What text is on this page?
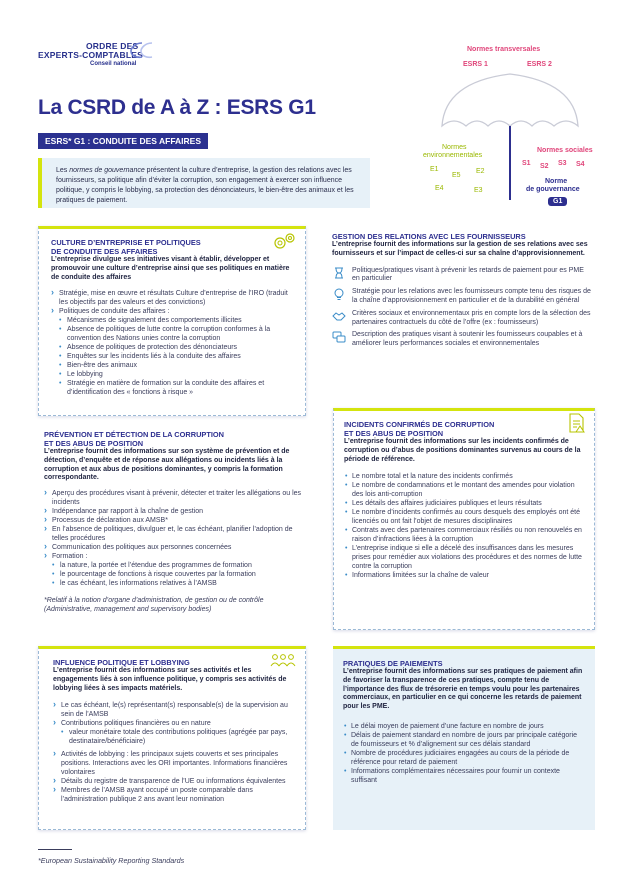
ORDRE DES
EXPERTS-COMPTABLES
Conseil national
La CSRD de A à Z : ESRS G1
ESRS* G1 : CONDUITE DES AFFAIRES
Les normes de gouvernance présentent la culture d’entreprise, la gestion des relations avec les fournisseurs, sa politique afin d’éviter la corruption, son engagement à exercer son influence politique, y compris le lobbying, sa protection des dénonciateurs, le bien-être des animaux et les pratiques de paiement.
Normes transversales
ESRS 1	ESRS 2
Normes
environnementales
E1	E2
E3
E4
E5
Normes sociales
S1 S2 S3 S4
Norme
de gouvernance
G1
CULTURE D’ENTREPRISE ET POLITIQUES
DE CONDUITE DES AFFAIRES

L’entreprise divulgue ses initiatives visant à établir, développer et promouvoir une culture d’entreprise ainsi que ses politiques en matière de conduite des affaires

› Stratégie, mise en œuvre et résultats Culture d’entreprise de l’IRO (traduit les objectifs par des valeurs et des convictions)
› Politiques de conduite des affaires :
• Mécanismes de signalement des comportements illicites
• Absence de politiques de lutte contre la corruption conformes à la convention des Nations unies contre la corruption
• Absence de politiques de protection des dénonciateurs
• Enquêtes sur les incidents liés à la conduite des affaires
• Bien-être des animaux
• Le lobbying
• Stratégie en matière de formation sur la conduite des affaires et d’identification des « fonctions à risque »
PRÉVENTION ET DÉTECTION DE LA CORRUPTION
ET DES ABUS DE POSITION

L’entreprise fournit des informations sur son système de prévention et de détection, d’enquête et de réponse aux allégations ou incidents liés à la corruption et aux abus de positions dominantes, y compris la formation correspondante.

› Aperçu des procédures visant à prévenir, détecter et traiter les allégations ou les incidents
› Indépendance par rapport à la chaîne de gestion
› Processus de déclaration aux AMSB*
› En l’absence de politiques, divulguer et, le cas échéant, planifier l’adoption de telles procédures
› Communication des politiques aux personnes concernées
› Formation :
• la nature, la portée et l’étendue des programmes de formation
• le pourcentage de fonctions à risque couvertes par la formation
• le cas échéant, les informations relatives à l’AMSB

*Relatif à la notion d’organe d’administration, de gestion ou de contrôle (Administrative, management and supervisory bodies)

INFLUENCE POLITIQUE ET LOBBYING

L’entreprise fournit des informations sur ses activités et les engagements liés à son influence politique, y compris ses activités de lobbying liées à ses impacts matériels.

› Le cas échéant, le(s) représentant(s) responsable(s) de la supervision au sein de l’AMSB
› Contributions politiques financières ou en nature
• valeur monétaire totale des contributions politiques (agrégée par pays, destinataire/bénéficiaire)
› Activités de lobbying : les principaux sujets couverts et ses principales positions. Interactions avec les ORI importantes. Informations financières volontaires
› Détails du registre de transparence de l’UE ou informations équivalentes
› Membres de l’AMSB ayant occupé un poste comparable dans l’administration publique 2 ans avant leur nomination
GESTION DES RELATIONS AVEC LES FOURNISSEURS

L’entreprise fournit des informations sur la gestion de ses relations avec ses fournisseurs et sur l’impact de celles-ci sur sa chaîne d’approvisionnement.

Politiques/pratiques visant à prévenir les retards de paiement pour es PME en particulier
Stratégie pour les relations avec les fournisseurs compte tenu des risques de la chaîne d’approvisionnement en particulier et de la durabilité en général
Critères sociaux et environnementaux pris en compte lors de la sélection des partenaires contractuels du côté de l’offre (ex : fournisseurs)
Description des pratiques visant à soutenir les fournisseurs coupables et à améliorer leurs performances sociales et environnementales
INCIDENTS CONFIRMÉS DE CORRUPTION
ET DES ABUS DE POSITION

L’entreprise fournit des informations sur les incidents confirmés de corruption ou d’abus de positions dominantes survenus au cours de la période de référence.

• Le nombre total et la nature des incidents confirmés
• Le nombre de condamnations et le montant des amendes pour violation des lois anti-corruption
• Les détails des affaires judiciaires publiques et leurs résultats
• Le nombre d’incidents confirmés au cours desquels des employés ont été licenciés ou ont fait l’objet de mesures disciplinaires
• Contrats avec des partenaires commerciaux résiliés ou non renouvelés en raison d’infractions liées à la corruption
• L’entreprise indique si elle a décelé des insuffisances dans les mesures prises pour remédier aux violations des procédures et des normes de lutte contre la corruption
• Informations limitées sur la chaîne de valeur
PRATIQUES DE PAIEMENTS

L’entreprise fournit des informations sur ses pratiques de paiement afin de favoriser la transparence de ces pratiques, compte tenu de l’importance des flux de trésorerie en temps voulu pour les partenaires commerciaux, en particulier en ce qui concerne les retards de paiement pour les PME.

• Le délai moyen de paiement d’une facture en nombre de jours
• Délais de paiement standard en nombre de jours par principale catégorie de fournisseurs et % d’alignement sur ces délais standard
• Nombre de procédures judiciaires engagées au cours de la période de référence pour retard de paiement
• Informations complémentaires nécessaires pour fournir un contexte suffisant
*European Sustainability Reporting Standards
